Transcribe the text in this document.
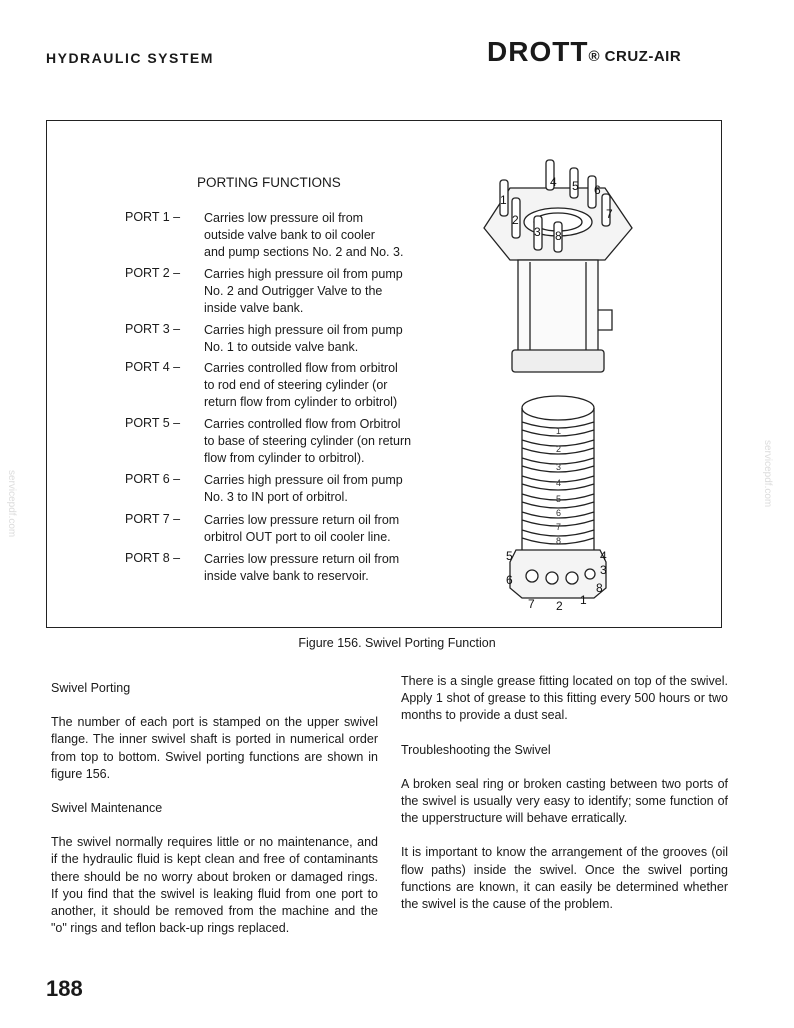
HYDRAULIC SYSTEM	DROTT® CRUZ-AIR
PORTING FUNCTIONS
PORT 1 – Carries low pressure oil from
outside valve bank to oil cooler
and pump sections No. 2 and No. 3.
PORT 2 – Carries high pressure oil from pump
No. 2 and Outrigger Valve to the
inside valve bank.
PORT 3 – Carries high pressure oil from pump
No. 1 to outside valve bank.
PORT 4 – Carries controlled flow from orbitrol
to rod end of steering cylinder (or
return flow from cylinder to orbitrol)
PORT 5 – Carries controlled flow from Orbitrol
to base of steering cylinder (on return
flow from cylinder to orbitrol).
PORT 6 – Carries high pressure oil from pump
No. 3 to IN port of orbitrol.
PORT 7 – Carries low pressure return oil from
orbitrol OUT port to oil cooler line.
PORT 8 – Carries low pressure return oil from
inside valve bank to reservoir.
1
2
3
4 5 6
7
8
1
2
3
4
5
6
7
8
5	4
3
6
8
7 2 1
Figure 156. Swivel Porting Function
Swivel Porting
The number of each port is stamped on the upper swivel flange. The inner swivel shaft is ported in numerical order from top to bottom. Swivel porting functions are shown in figure 156.
Swivel Maintenance
The swivel normally requires little or no maintenance, and if the hydraulic fluid is kept clean and free of contaminants there should be no worry about broken or damaged rings. If you find that the swivel is leaking fluid from one port to another, it should be removed from the machine and the "o" rings and teflon back-up rings replaced.
There is a single grease fitting located on top of the swivel. Apply 1 shot of grease to this fitting every 500 hours or two months to provide a dust seal.
Troubleshooting the Swivel
A broken seal ring or broken casting between two ports of the swivel is usually very easy to identify; some function of the upperstructure will behave erratically.
It is important to know the arrangement of the grooves (oil flow paths) inside the swivel. Once the swivel porting functions are known, it can easily be determined whether the swivel is the cause of the problem.
servicepdf.com	servicepdf.com
188
